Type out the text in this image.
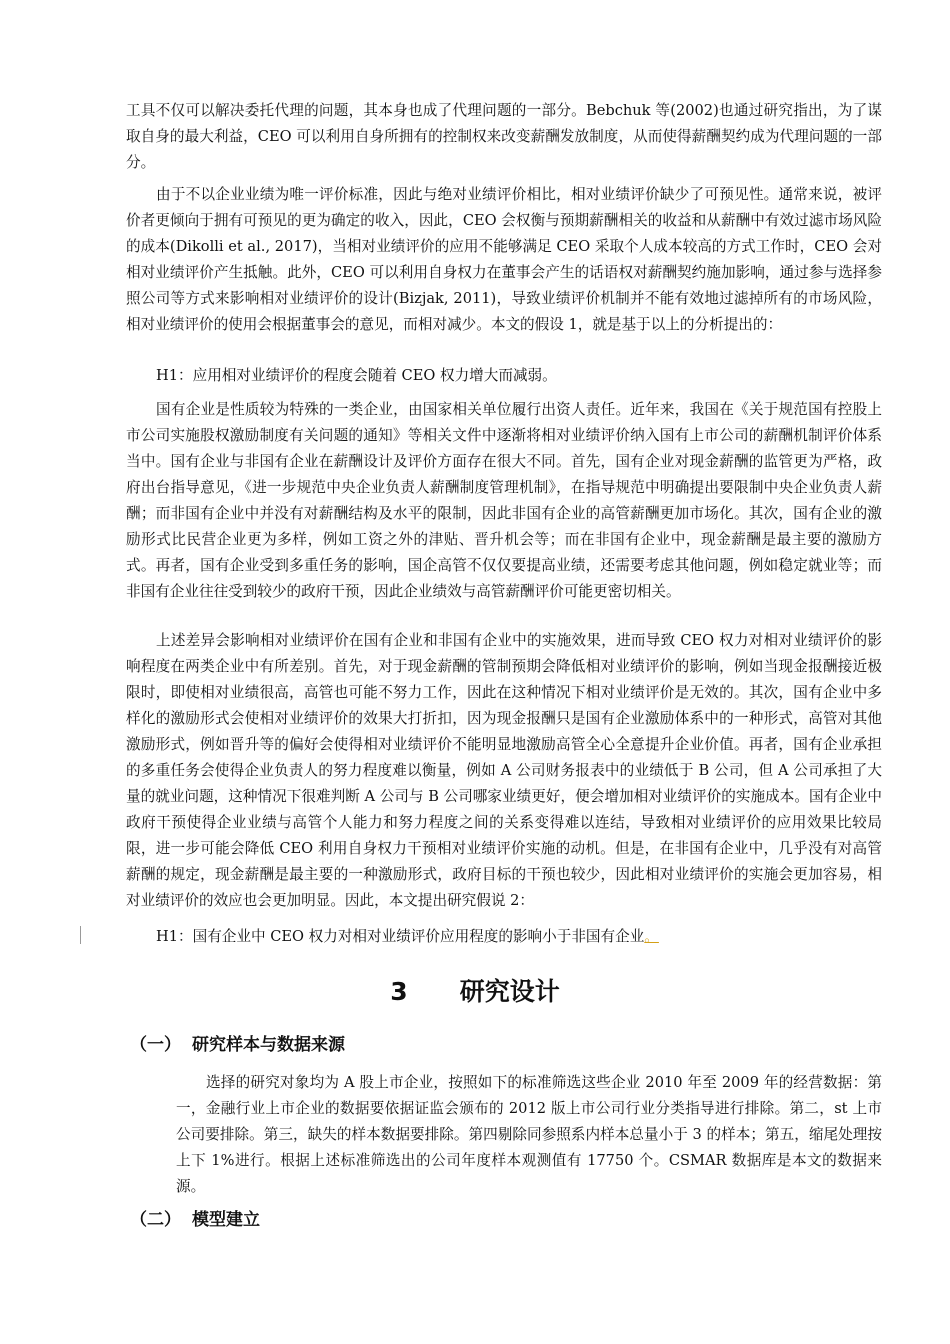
工具不仅可以解决委托代理的问题，其本身也成了代理问题的一部分。Bebchuk 等(2002)也通过研究指出，为了谋取自身的最大利益，CEO 可以利用自身所拥有的控制权来改变薪酬发放制度，从而使得薪酬契约成为代理问题的一部分。

由于不以企业业绩为唯一评价标准，因此与绝对业绩评价相比，相对业绩评价缺少了可预见性。通常来说，被评价者更倾向于拥有可预见的更为确定的收入，因此，CEO 会权衡与预期薪酬相关的收益和从薪酬中有效过滤市场风险的成本(Dikolli et al., 2017)，当相对业绩评价的应用不能够满足 CEO 采取个人成本较高的方式工作时，CEO 会对相对业绩评价产生抵触。此外，CEO 可以利用自身权力在董事会产生的话语权对薪酬契约施加影响，通过参与选择参照公司等方式来影响相对业绩评价的设计(Bizjak, 2011)，导致业绩评价机制并不能有效地过滤掉所有的市场风险，相对业绩评价的使用会根据董事会的意见，而相对减少。本文的假设 1，就是基于以上的分析提出的：

H1：应用相对业绩评价的程度会随着 CEO 权力增大而减弱。

国有企业是性质较为特殊的一类企业，由国家相关单位履行出资人责任。近年来，我国在《关于规范国有控股上市公司实施股权激励制度有关问题的通知》等相关文件中逐渐将相对业绩评价纳入国有上市公司的薪酬机制评价体系当中。国有企业与非国有企业在薪酬设计及评价方面存在很大不同。首先，国有企业对现金薪酬的监管更为严格，政府出台指导意见，《进一步规范中央企业负责人薪酬制度管理机制》，在指导规范中明确提出要限制中央企业负责人薪酬；而非国有企业中并没有对薪酬结构及水平的限制，因此非国有企业的高管薪酬更加市场化。其次，国有企业的激励形式比民营企业更为多样，例如工资之外的津贴、晋升机会等；而在非国有企业中，现金薪酬是最主要的激励方式。再者，国有企业受到多重任务的影响，国企高管不仅仅要提高业绩，还需要考虑其他问题，例如稳定就业等；而非国有企业往往受到较少的政府干预，因此企业绩效与高管薪酬评价可能更密切相关。

上述差异会影响相对业绩评价在国有企业和非国有企业中的实施效果，进而导致 CEO 权力对相对业绩评价的影响程度在两类企业中有所差别。首先，对于现金薪酬的管制预期会降低相对业绩评价的影响，例如当现金报酬接近极限时，即使相对业绩很高，高管也可能不努力工作，因此在这种情况下相对业绩评价是无效的。其次，国有企业中多样化的激励形式会使相对业绩评价的效果大打折扣，因为现金报酬只是国有企业激励体系中的一种形式，高管对其他激励形式，例如晋升等的偏好会使得相对业绩评价不能明显地激励高管全心全意提升企业价值。再者，国有企业承担的多重任务会使得企业负责人的努力程度难以衡量，例如 A 公司财务报表中的业绩低于 B 公司，但 A 公司承担了大量的就业问题，这种情况下很难判断 A 公司与 B 公司哪家业绩更好，便会增加相对业绩评价的实施成本。国有企业中政府干预使得企业业绩与高管个人能力和努力程度之间的关系变得难以连结，导致相对业绩评价的应用效果比较局限，进一步可能会降低 CEO 利用自身权力干预相对业绩评价实施的动机。但是，在非国有企业中，几乎没有对高管薪酬的规定，现金薪酬是最主要的一种激励形式，政府目标的干预也较少，因此相对业绩评价的实施会更加容易，相对业绩评价的效应也会更加明显。因此，本文提出研究假说 2：

H1：国有企业中 CEO 权力对相对业绩评价应用程度的影响小于非国有企业。

3 研究设计
（一） 研究样本与数据来源

选择的研究对象均为 A 股上市企业，按照如下的标准筛选这些企业 2010 年至 2009 年的经营数据：第一，金融行业上市企业的数据要依据证监会颁布的 2012 版上市公司行业分类指导进行排除。第二，st 上市公司要排除。第三，缺失的样本数据要排除。第四剔除同参照系内样本总量小于 3 的样本；第五，缩尾处理按上下 1%进行。根据上述标准筛选出的公司年度样本观测值有 17750 个。CSMAR 数据库是本文的数据来源。

（二） 模型建立
